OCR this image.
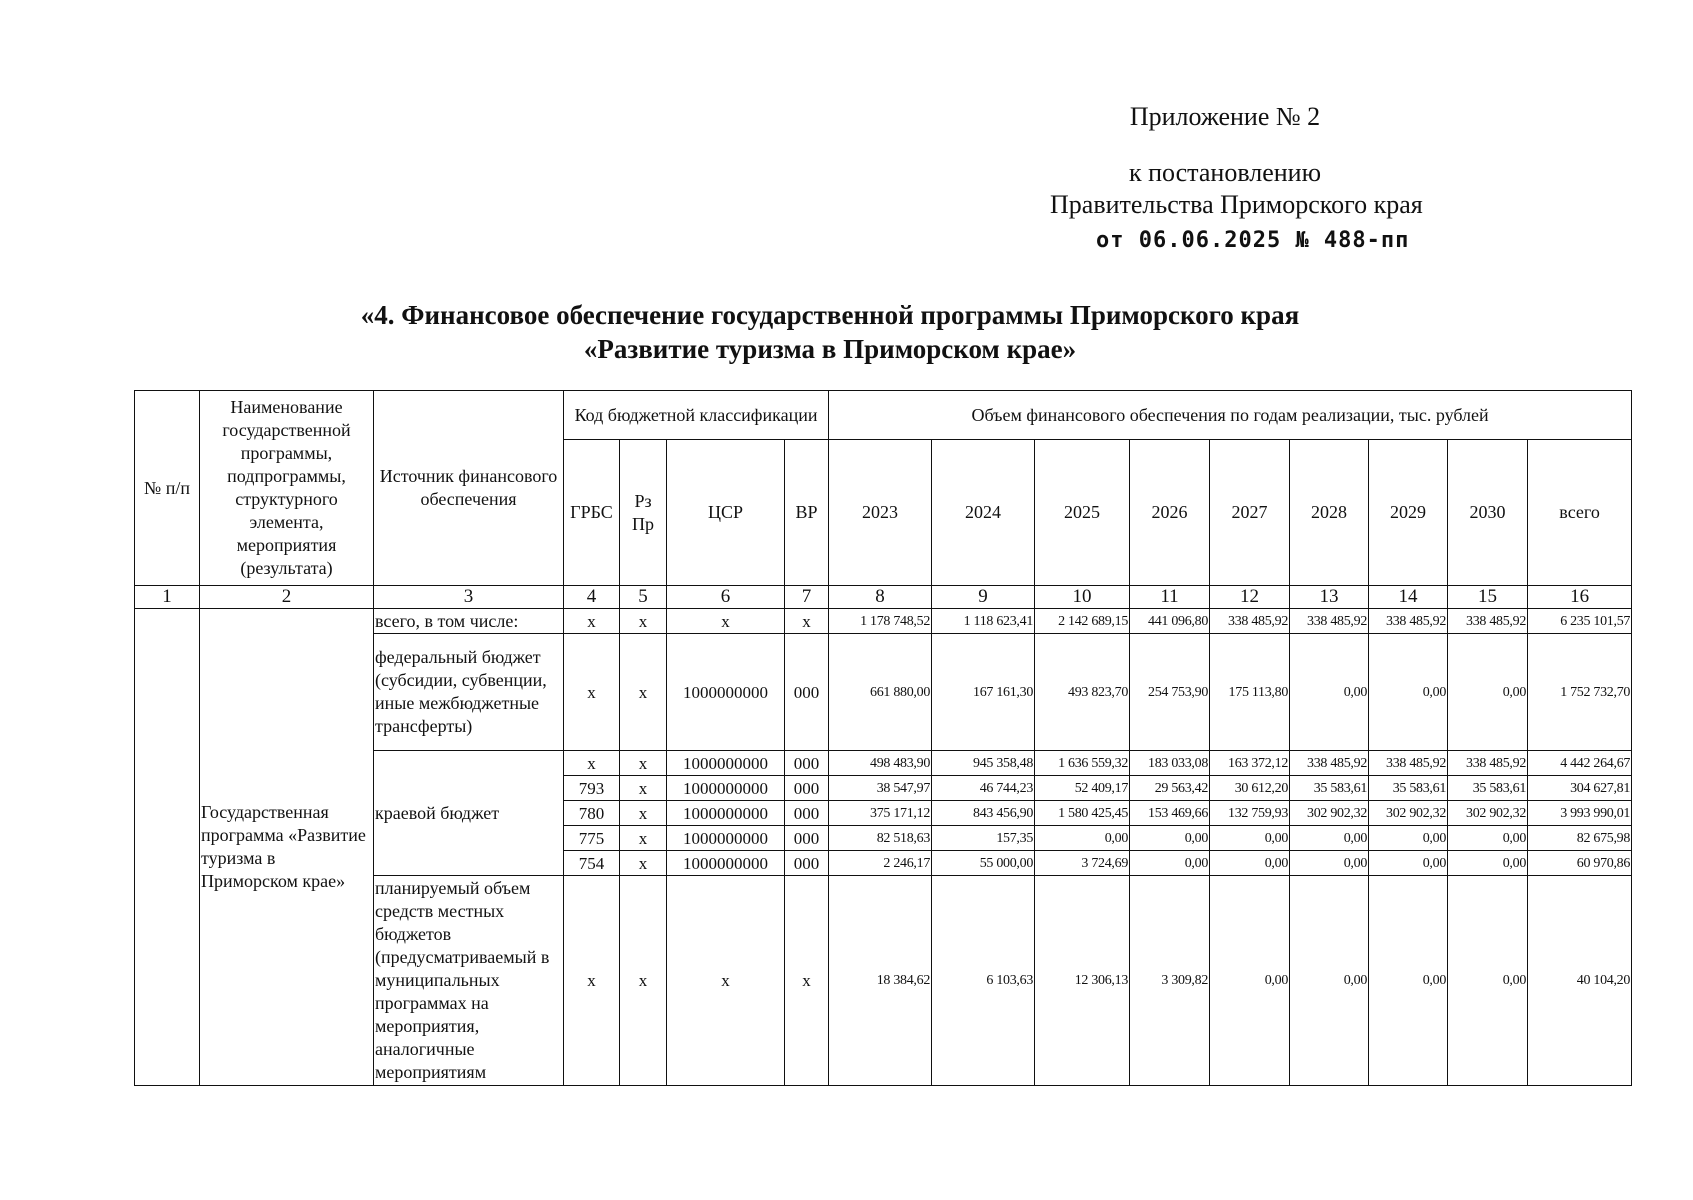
Приложение № 2
к постановлению
Правительства Приморского края
от 06.06.2025 № 488-пп
«4. Финансовое обеспечение государственной программы Приморского края
«Развитие туризма в Приморском крае»
№ п/п	Наименование государственной программы, подпрограммы, структурного элемента, мероприятия (результата)	Источник финансового обеспечения	Код бюджетной классификации				Объем финансового обеспечения по годам реализации, тыс. рублей								
			ГРБС	Рз Пр	ЦСР	ВР	2023	2024	2025	2026	2027	2028	2029	2030	всего
1	2	3	4	5	6	7	8	9	10	11	12	13	14	15	16
	Государственная программа «Развитие туризма в Приморском крае»	всего, в том числе:	x	x	x	x	1 178 748,52	1 118 623,41	2 142 689,15	441 096,80	338 485,92	338 485,92	338 485,92	338 485,92	6 235 101,57
		федеральный бюджет (субсидии, субвенции, иные межбюджетные трансферты)	x	x	1000000000	000	661 880,00	167 161,30	493 823,70	254 753,90	175 113,80	0,00	0,00	0,00	1 752 732,70
		краевой бюджет	x	x	1000000000	000	498 483,90	945 358,48	1 636 559,32	183 033,08	163 372,12	338 485,92	338 485,92	338 485,92	4 442 264,67
			793	x	1000000000	000	38 547,97	46 744,23	52 409,17	29 563,42	30 612,20	35 583,61	35 583,61	35 583,61	304 627,81
			780	x	1000000000	000	375 171,12	843 456,90	1 580 425,45	153 469,66	132 759,93	302 902,32	302 902,32	302 902,32	3 993 990,01
			775	x	1000000000	000	82 518,63	157,35	0,00	0,00	0,00	0,00	0,00	0,00	82 675,98
			754	x	1000000000	000	2 246,17	55 000,00	3 724,69	0,00	0,00	0,00	0,00	0,00	60 970,86
		планируемый объем средств местных бюджетов (предусматриваемый в муниципальных программах на мероприятия, аналогичные мероприятиям	x	x	x	x	18 384,62	6 103,63	12 306,13	3 309,82	0,00	0,00	0,00	0,00	40 104,20
